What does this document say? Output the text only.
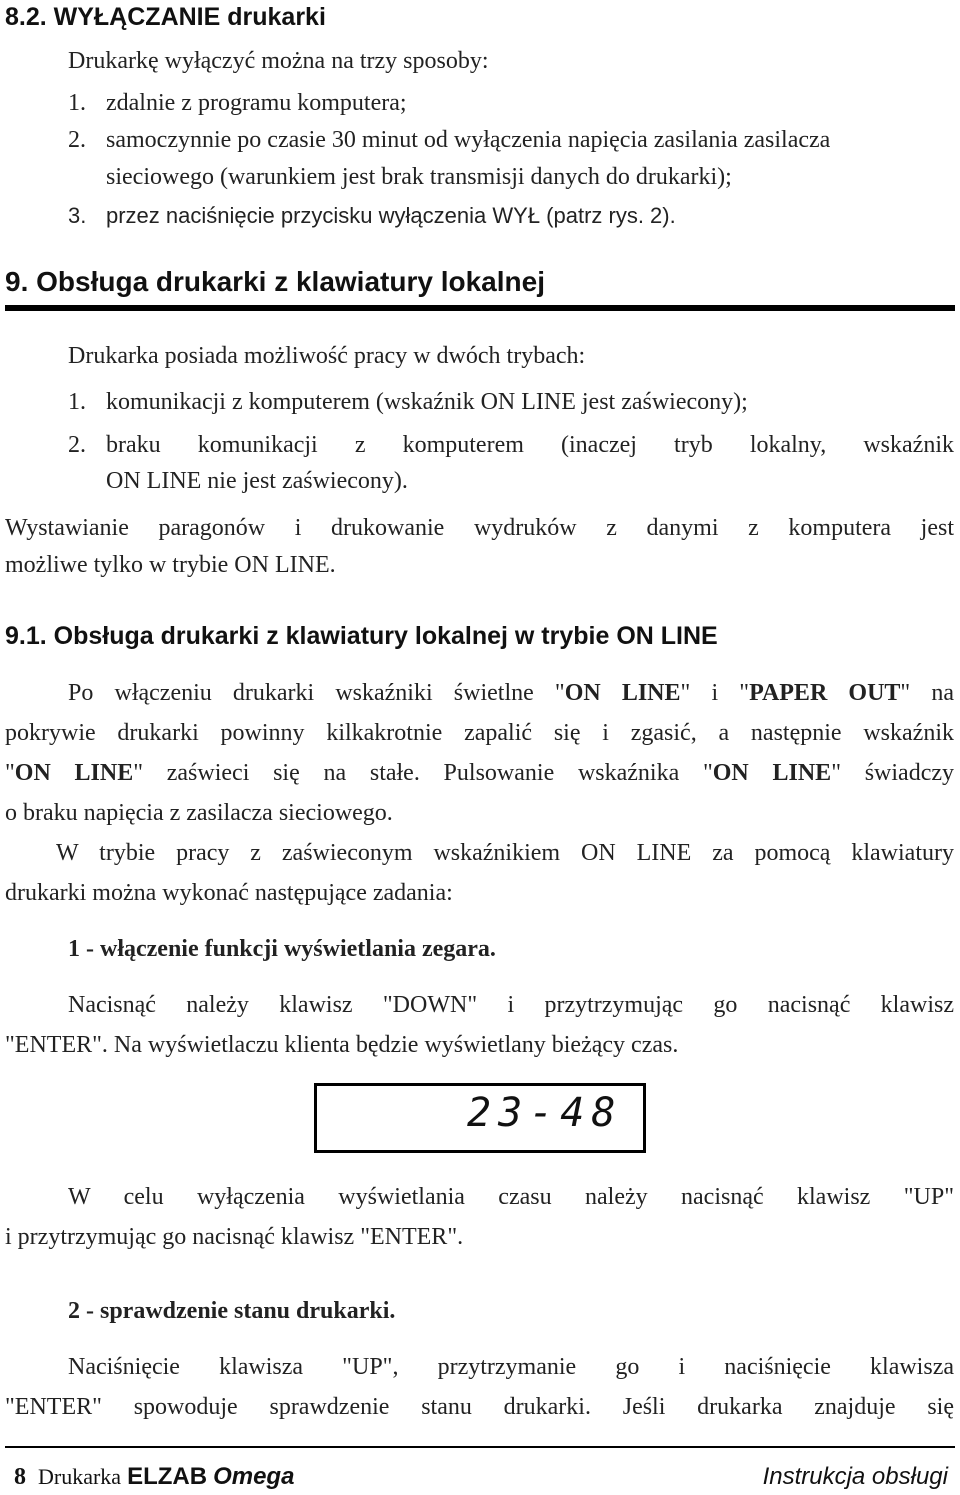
8.2. WYŁĄCZANIE drukarki
Drukarkę wyłączyć można na trzy sposoby:
1. zdalnie z programu komputera;
2. samoczynnie po czasie 30 minut od wyłączenia napięcia zasilania zasilacza
sieciowego (warunkiem jest brak transmisji danych do drukarki);
3. przez naciśnięcie przycisku wyłączenia WYŁ (patrz rys. 2).
9. Obsługa drukarki z klawiatury lokalnej
Drukarka posiada możliwość pracy w dwóch trybach:
1. komunikacji z komputerem (wskaźnik ON LINE jest zaświecony);
2. braku komunikacji z komputerem (inaczej tryb lokalny, wskaźnik
ON LINE nie jest zaświecony).
Wystawianie paragonów i drukowanie wydruków z danymi z komputera jest
możliwe tylko w trybie ON LINE.
9.1. Obsługa drukarki z klawiatury lokalnej w trybie ON LINE
Po włączeniu drukarki wskaźniki świetlne "ON LINE" i "PAPER OUT" na
pokrywie drukarki powinny kilkakrotnie zapalić się i zgasić, a następnie wskaźnik
"ON LINE" zaświeci się na stałe. Pulsowanie wskaźnika "ON LINE" świadczy
o braku napięcia z zasilacza sieciowego.
W trybie pracy z zaświeconym wskaźnikiem ON LINE za pomocą klawiatury
drukarki można wykonać następujące zadania:
1 - włączenie funkcji wyświetlania zegara.
Nacisnąć należy klawisz "DOWN" i przytrzymując go nacisnąć klawisz
"ENTER". Na wyświetlaczu klienta będzie wyświetlany bieżący czas.
23-48
W celu wyłączenia wyświetlania czasu należy nacisnąć klawisz "UP"
i przytrzymując go nacisnąć klawisz "ENTER".
2 - sprawdzenie stanu drukarki.
Naciśnięcie klawisza "UP", przytrzymanie go i naciśnięcie klawisza
"ENTER" spowoduje sprawdzenie stanu drukarki. Jeśli drukarka znajduje się
8 Drukarka ELZAB Omega	Instrukcja obsługi
